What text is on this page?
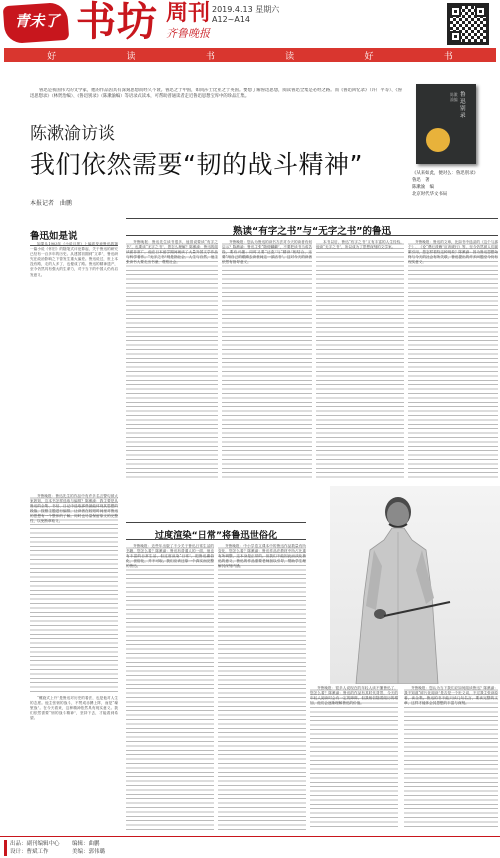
青未了 书坊 周刊
齐鲁晚报
2019.4.13 星期六
A12~A14
好	读	书	读	好	书
鲁迅是我国伟大的文学家，他的作品因具有深刻思想而经久不衰。鲁迅之于中国，如同莎士比亚之于英国。要想了解鲁迅思想，阅读鲁迅全集是必经之路。而《鲁迅回忆录》（许广平等）、《鲁迅思想录》（林贤治编）、《鲁迅别录》（陈漱渝编）等语录式读本，可帮助普通读者走近鲁迅思想宝库中的珍品汇集。	鲁迅别录
陈漱渝编
《从来如此，便对么：鲁迅别录》
鲁迅　著
陈漱渝　编
北京时代华文书局
陈漱渝访谈
我们依然需要“韧的战斗精神”
本报记者　曲鹏
鲁迅如是说
如果从1903年《小说月报》上编印发表鲁迅的第一篇小说《怀旧》的随笔式评论算起，关于鲁迅的研究已经有一百多年的历史。从建国初期到“文革”，鲁迅研究在政治影响之下曾发生重大偏差。鲁迅说过，世上本没有路，走的人多了，也便成了路。鲁迅的精神遗产，至今仍然具有强大的生命力，对于当下的中国人仍有启发意义。
齐鲁晚报：鲁迅先生的作品中有许多名言警句被大家熟知，这本书怎样选取与编排？陈漱渝：我主要是从鲁迅的全集、书信、日记中选取那些最能体现其思想的段落，按照主题进行编排，让读者在较短时间里对鲁迅的思想有一个整体的了解。同时也尽量保留原文的完整性，以免断章取义。
“螺旋式上升”是鲁迅对历史的看法，也是他对人生的态度。他主张韧的战斗，不赞成赤膊上阵，而是“壕堑战”。在今天看来，这种精神依然具有现实意义。我们依然需要“韧的战斗精神”，坚持下去，才能看到希望。
熟读“有字之书”与“无字之书”的鲁迅
齐鲁晚报：鲁迅先生读书很多，他曾说要读“有字之书”，也要读“无字之书”，您怎么理解？陈漱渝：鲁迅的阅读面非常广，他在日本留学期间就读了大量外国文学作品与科学著作。“无字之书”则是指社会、人生与自然，他主张读书人要走出书斋，观察社会。
齐鲁晚报：您认为鲁迅的读书方法对今天的读者有何启示？陈漱渝：鲁迅主张“随便翻翻”，不要把读书当成苦役，要有兴趣；同时又要“泛览”与“精读”相结合，还要“用自己的眼睛去读世间这一部活书”。这对今天的读者依然有指导意义。
本书以后，鲁迅“有字之书”又有丰富的人生经验，他读“无字之书”，所以成为了思想深刻的文学家。
齐鲁晚报：鲁迅的文章，比如书中选录的《这个与那个》、《论“费厄泼赖”应该缓行》等，至今仍然被人们频繁引用，您怎样看待这种现象？陈漱渝：因为鲁迅思想始终与今天的社会有所关联，鲁迅提出的许多问题至今仍有现实意义。
过度渲染“日常”将鲁迅世俗化
齐鲁晚报：近些年出版了不少关于鲁迅日常生活的书籍，您怎么看？陈漱渝：鲁迅有普通人的一面，他也有丰富的日常生活，但过度渲染“日常”，把鲁迅庸俗化、世俗化，并不可取。我们应该还原一个真实而完整的鲁迅。
齐鲁晚报：中小学语文课本中的鲁迅作品数量有所变化，您怎么看？陈漱渝：鲁迅作品在教材中所占比重有所调整，这本身是正常的。但我们不能因此而淡化鲁迅的意义，鲁迅的作品需要老师加以引导，帮助学生理解其深刻内涵。
齐鲁晚报：很多人说现在的年轻人读不懂鲁迅了，您怎么看？陈漱渝：鲁迅的作品有其时代背景，今天的年轻人阅读时会有一定的障碍。但我相信随着阅历的增加，他们会逐渐理解鲁迅的价值。
齐鲁晚报：您认为当下我们应如何阅读鲁迅？陈漱渝：我不知道“碎片化阅读”是否是一个贬义词，不过我主张读原著，读全集。鲁迅的书不能只读几句名言，要读完整的文章，这样才能体会其思想的丰富与深刻。
出品：副刊编辑中心
设计：曹斌工作
编辑：曲鹏
美编：郭伟璐
